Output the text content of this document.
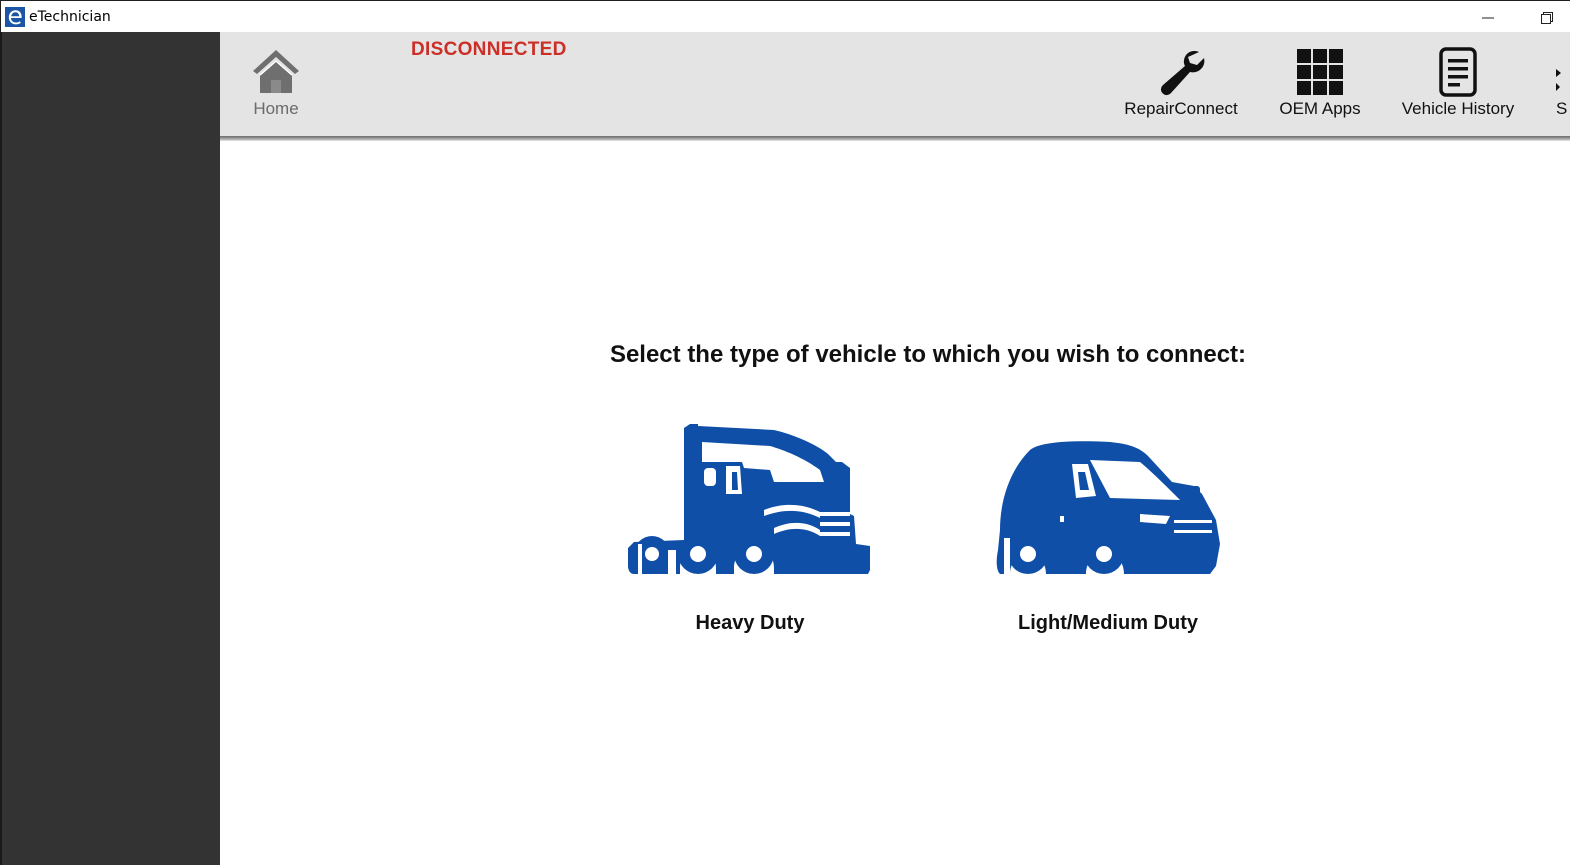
eTechnician
Home
DISCONNECTED
RepairConnect	OEM Apps	Vehicle History	S
Select the type of vehicle to which you wish to connect:
Heavy Duty	Light/Medium Duty
